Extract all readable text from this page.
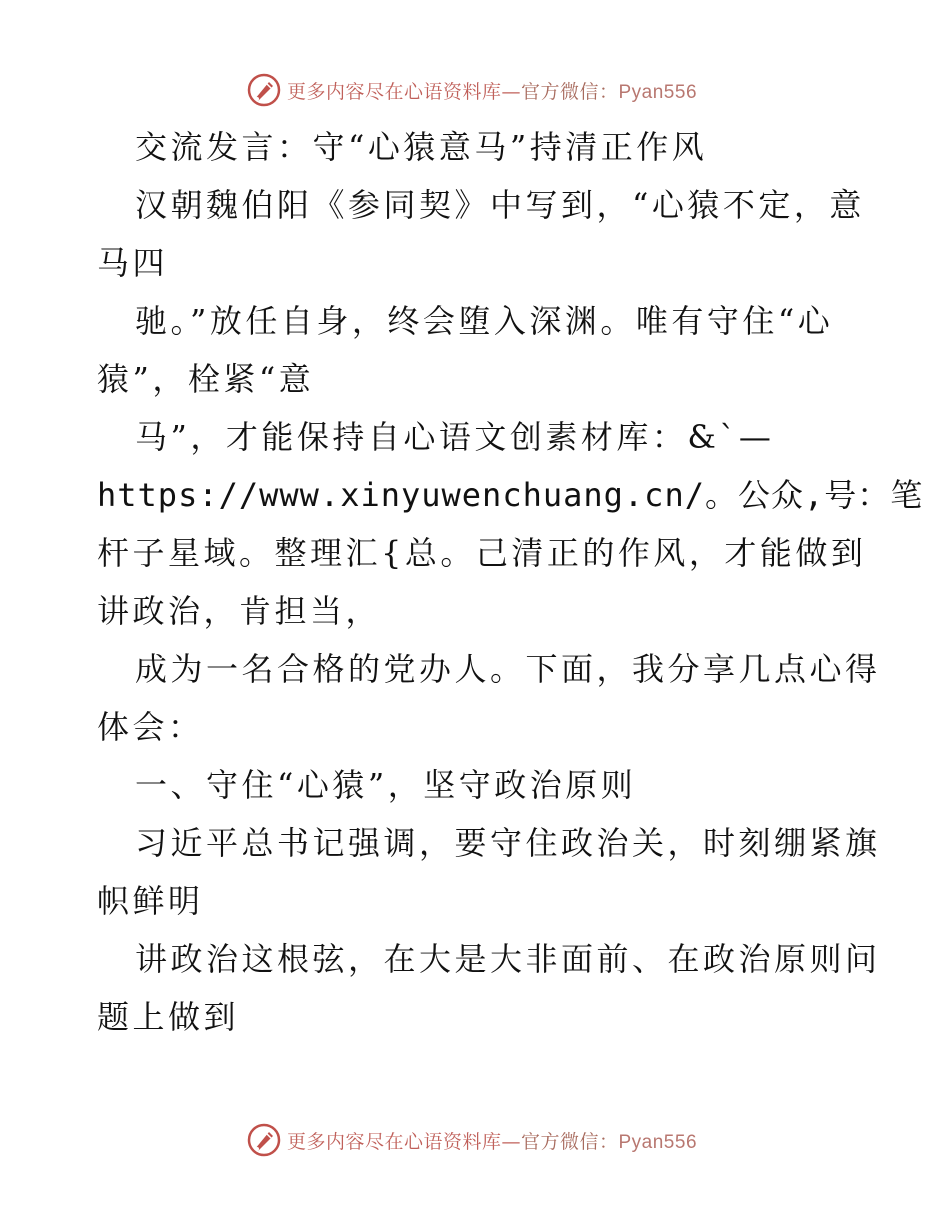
更多内容尽在心语资料库—官方微信：Pyan556
交流发言：守“心猿意马”持清正作风
汉朝魏伯阳《参同契》中写到，“心猿不定，意
马四
驰。”放任自身，终会堕入深渊。唯有守住“心
猿”，栓紧“意
马”，才能保持自心语文创素材库：&`—
https://www.xinyuwenchuang.cn/。公众,号：笔
杆子星域。整理汇{总。己清正的作风，才能做到
讲政治，肯担当，
成为一名合格的党办人。下面，我分享几点心得
体会：
一、守住“心猿”，坚守政治原则
习近平总书记强调，要守住政治关，时刻绷紧旗
帜鲜明
讲政治这根弦，在大是大非面前、在政治原则问
题上做到
更多内容尽在心语资料库—官方微信：Pyan556
